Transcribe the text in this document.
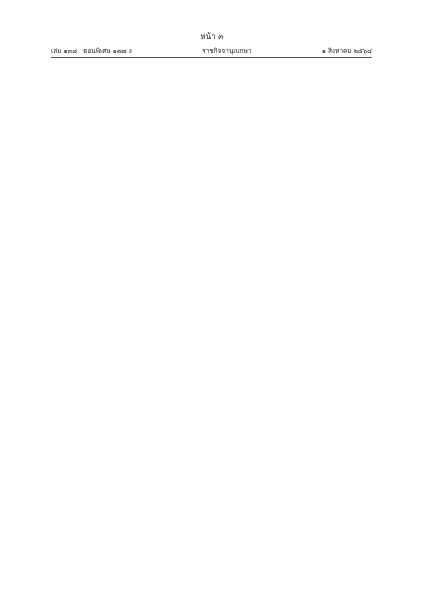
หน้า ๓
เล่ม ๑๓๘ ตอนพิเศษ ๑๗๗ ง	ราชกิจจานุเบกษา	๑ สิงหาคม ๒๕๖๔
